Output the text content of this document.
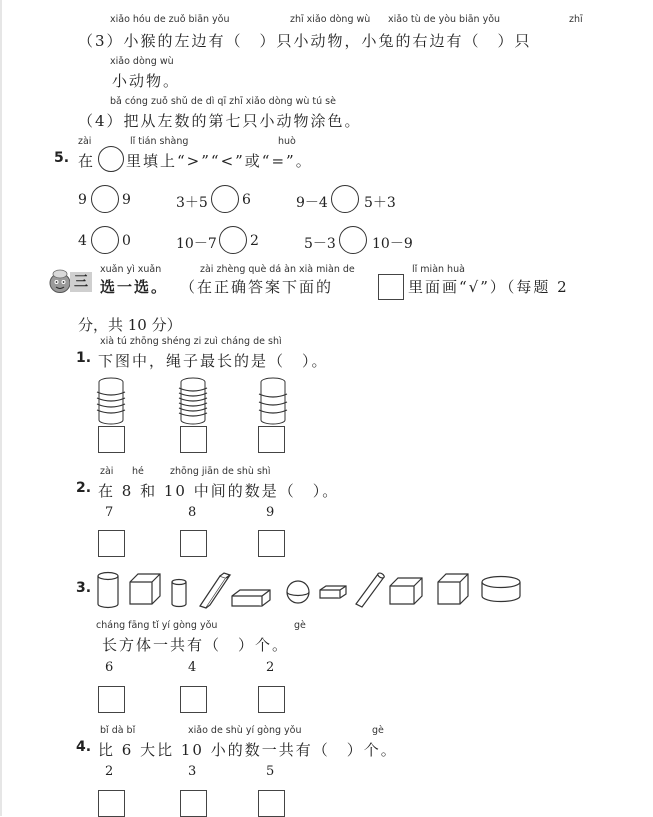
xiǎo hóu de zuǒ biān yǒu	zhī xiǎo dòng wù xiǎo tù de yòu biān yǒu	zhī
（3）小猴的左边有（　）只小动物，小兔的右边有（　）只
xiǎo dòng wù
小动物。
bǎ cóng zuǒ shǔ de dì qī zhī xiǎo dòng wù tú sè
（4）把从左数的第七只小动物涂色。
zài	lǐ tián shàng	huò
5. 在 里填上“>”“<”或“=”。
9	9	3＋5 6	9－4	5＋3
4	0	10－7 2	5－3	10－9
三
xuǎn yì xuǎn	zài zhèng què dá àn xià miàn de	lǐ miàn huà
选一选。 （在正确答案下面的	里面画“√”）（每题 2
分，共 10 分）
xià tú zhōng shéng zi zuì cháng de shì
1. 下图中，绳子最长的是（　）。
zài hé	zhōng jiān de shù shì
2. 在 8 和 10 中间的数是（　）。
7	8	9
3.
cháng fāng tǐ yí gòng yǒu	gè
长方体一共有（　）个。
6	4	2
bǐ dà bǐ	xiǎo de shù yí gòng yǒu	gè
4. 比 6 大比 10 小的数一共有（　）个。
2	3	5
